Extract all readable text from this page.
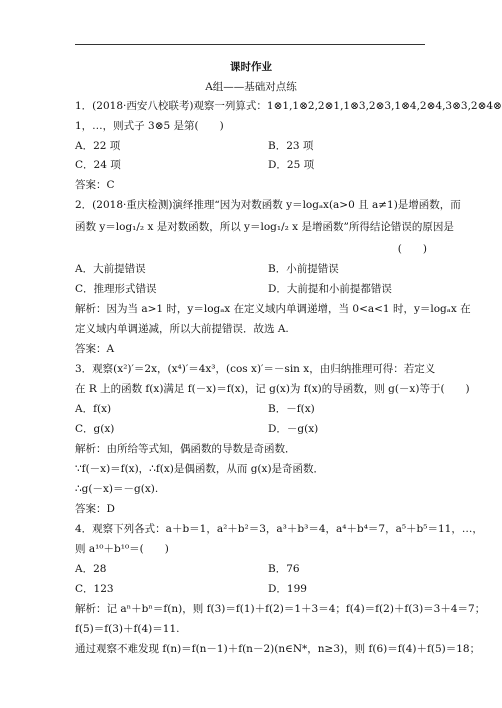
课时作业
A组——基础对点练
1．(2018·西安八校联考)观察一列算式：1⊗1,1⊗2,2⊗1,1⊗3,2⊗3,1⊗4,2⊗4,3⊗3,2⊗4⊗
1，…，则式子 3⊗5 是第(　　)
A．22 项	B．23 项
C．24 项	D．25 项
答案：C
2．(2018·重庆检测)演绎推理“因为对数函数 y＝logₐx(a>0 且 a≠1)是增函数，而
函数 y＝log₁/₂ x 是对数函数，所以 y＝log₁/₂ x 是增函数”所得结论错误的原因是
(　　)
A．大前提错误	B．小前提错误
C．推理形式错误	D．大前提和小前提都错误
解析：因为当 a>1 时，y＝logₐx 在定义域内单调递增，当 0<a<1 时，y＝logₐx 在
定义域内单调递减，所以大前提错误．故选 A.
答案：A
3．观察(x²)′＝2x，(x⁴)′＝4x³，(cos x)′＝－sin x，由归纳推理可得：若定义
在 R 上的函数 f(x)满足 f(－x)＝f(x)，记 g(x)为 f(x)的导函数，则 g(－x)等于(　　)
A．f(x)	B．－f(x)
C．g(x)	D．－g(x)
解析：由所给等式知，偶函数的导数是奇函数．
∵f(－x)＝f(x)，∴f(x)是偶函数，从而 g(x)是奇函数．
∴g(－x)＝－g(x).
答案：D
4．观察下列各式：a＋b＝1，a²＋b²＝3，a³＋b³＝4，a⁴＋b⁴＝7，a⁵＋b⁵＝11，…，
则 a¹⁰＋b¹⁰＝(　　)
A．28	B．76
C．123	D．199
解析：记 aⁿ＋bⁿ＝f(n)，则 f(3)＝f(1)＋f(2)＝1＋3＝4；f(4)＝f(2)＋f(3)＝3＋4＝7；
f(5)＝f(3)＋f(4)＝11.
通过观察不难发现 f(n)＝f(n－1)＋f(n－2)(n∈N*，n≥3)，则 f(6)＝f(4)＋f(5)＝18；
